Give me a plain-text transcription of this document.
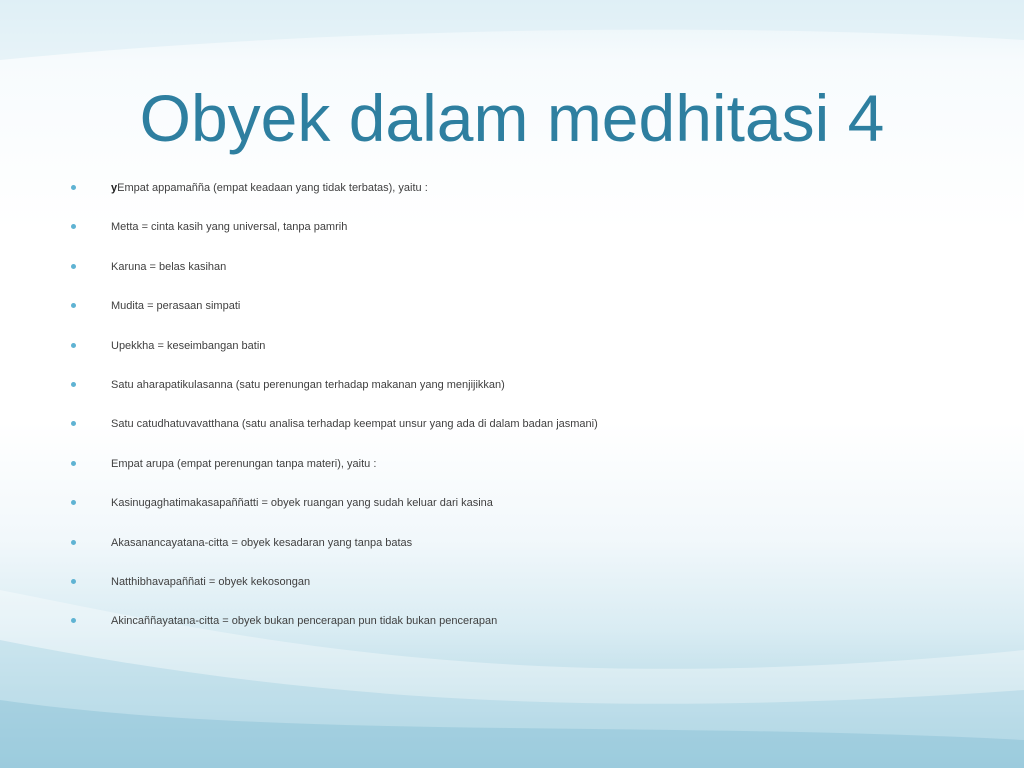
Obyek dalam medhitasi 4
yEmpat appamañña (empat keadaan yang tidak terbatas), yaitu :
Metta = cinta kasih yang universal, tanpa pamrih
Karuna = belas kasihan
Mudita = perasaan simpati
Upekkha = keseimbangan batin
Satu aharapatikulasanna (satu perenungan terhadap makanan yang menjijikkan)
Satu catudhatuvavatthana (satu analisa terhadap keempat unsur yang ada di dalam badan jasmani)
Empat arupa (empat perenungan tanpa materi), yaitu :
Kasinugaghatimakasapaññatti = obyek ruangan yang sudah keluar dari kasina
Akasanancayatana-citta = obyek kesadaran yang tanpa batas
Natthibhavapaññati = obyek kekosongan
Akincaññayatana-citta = obyek bukan pencerapan pun tidak bukan pencerapan
